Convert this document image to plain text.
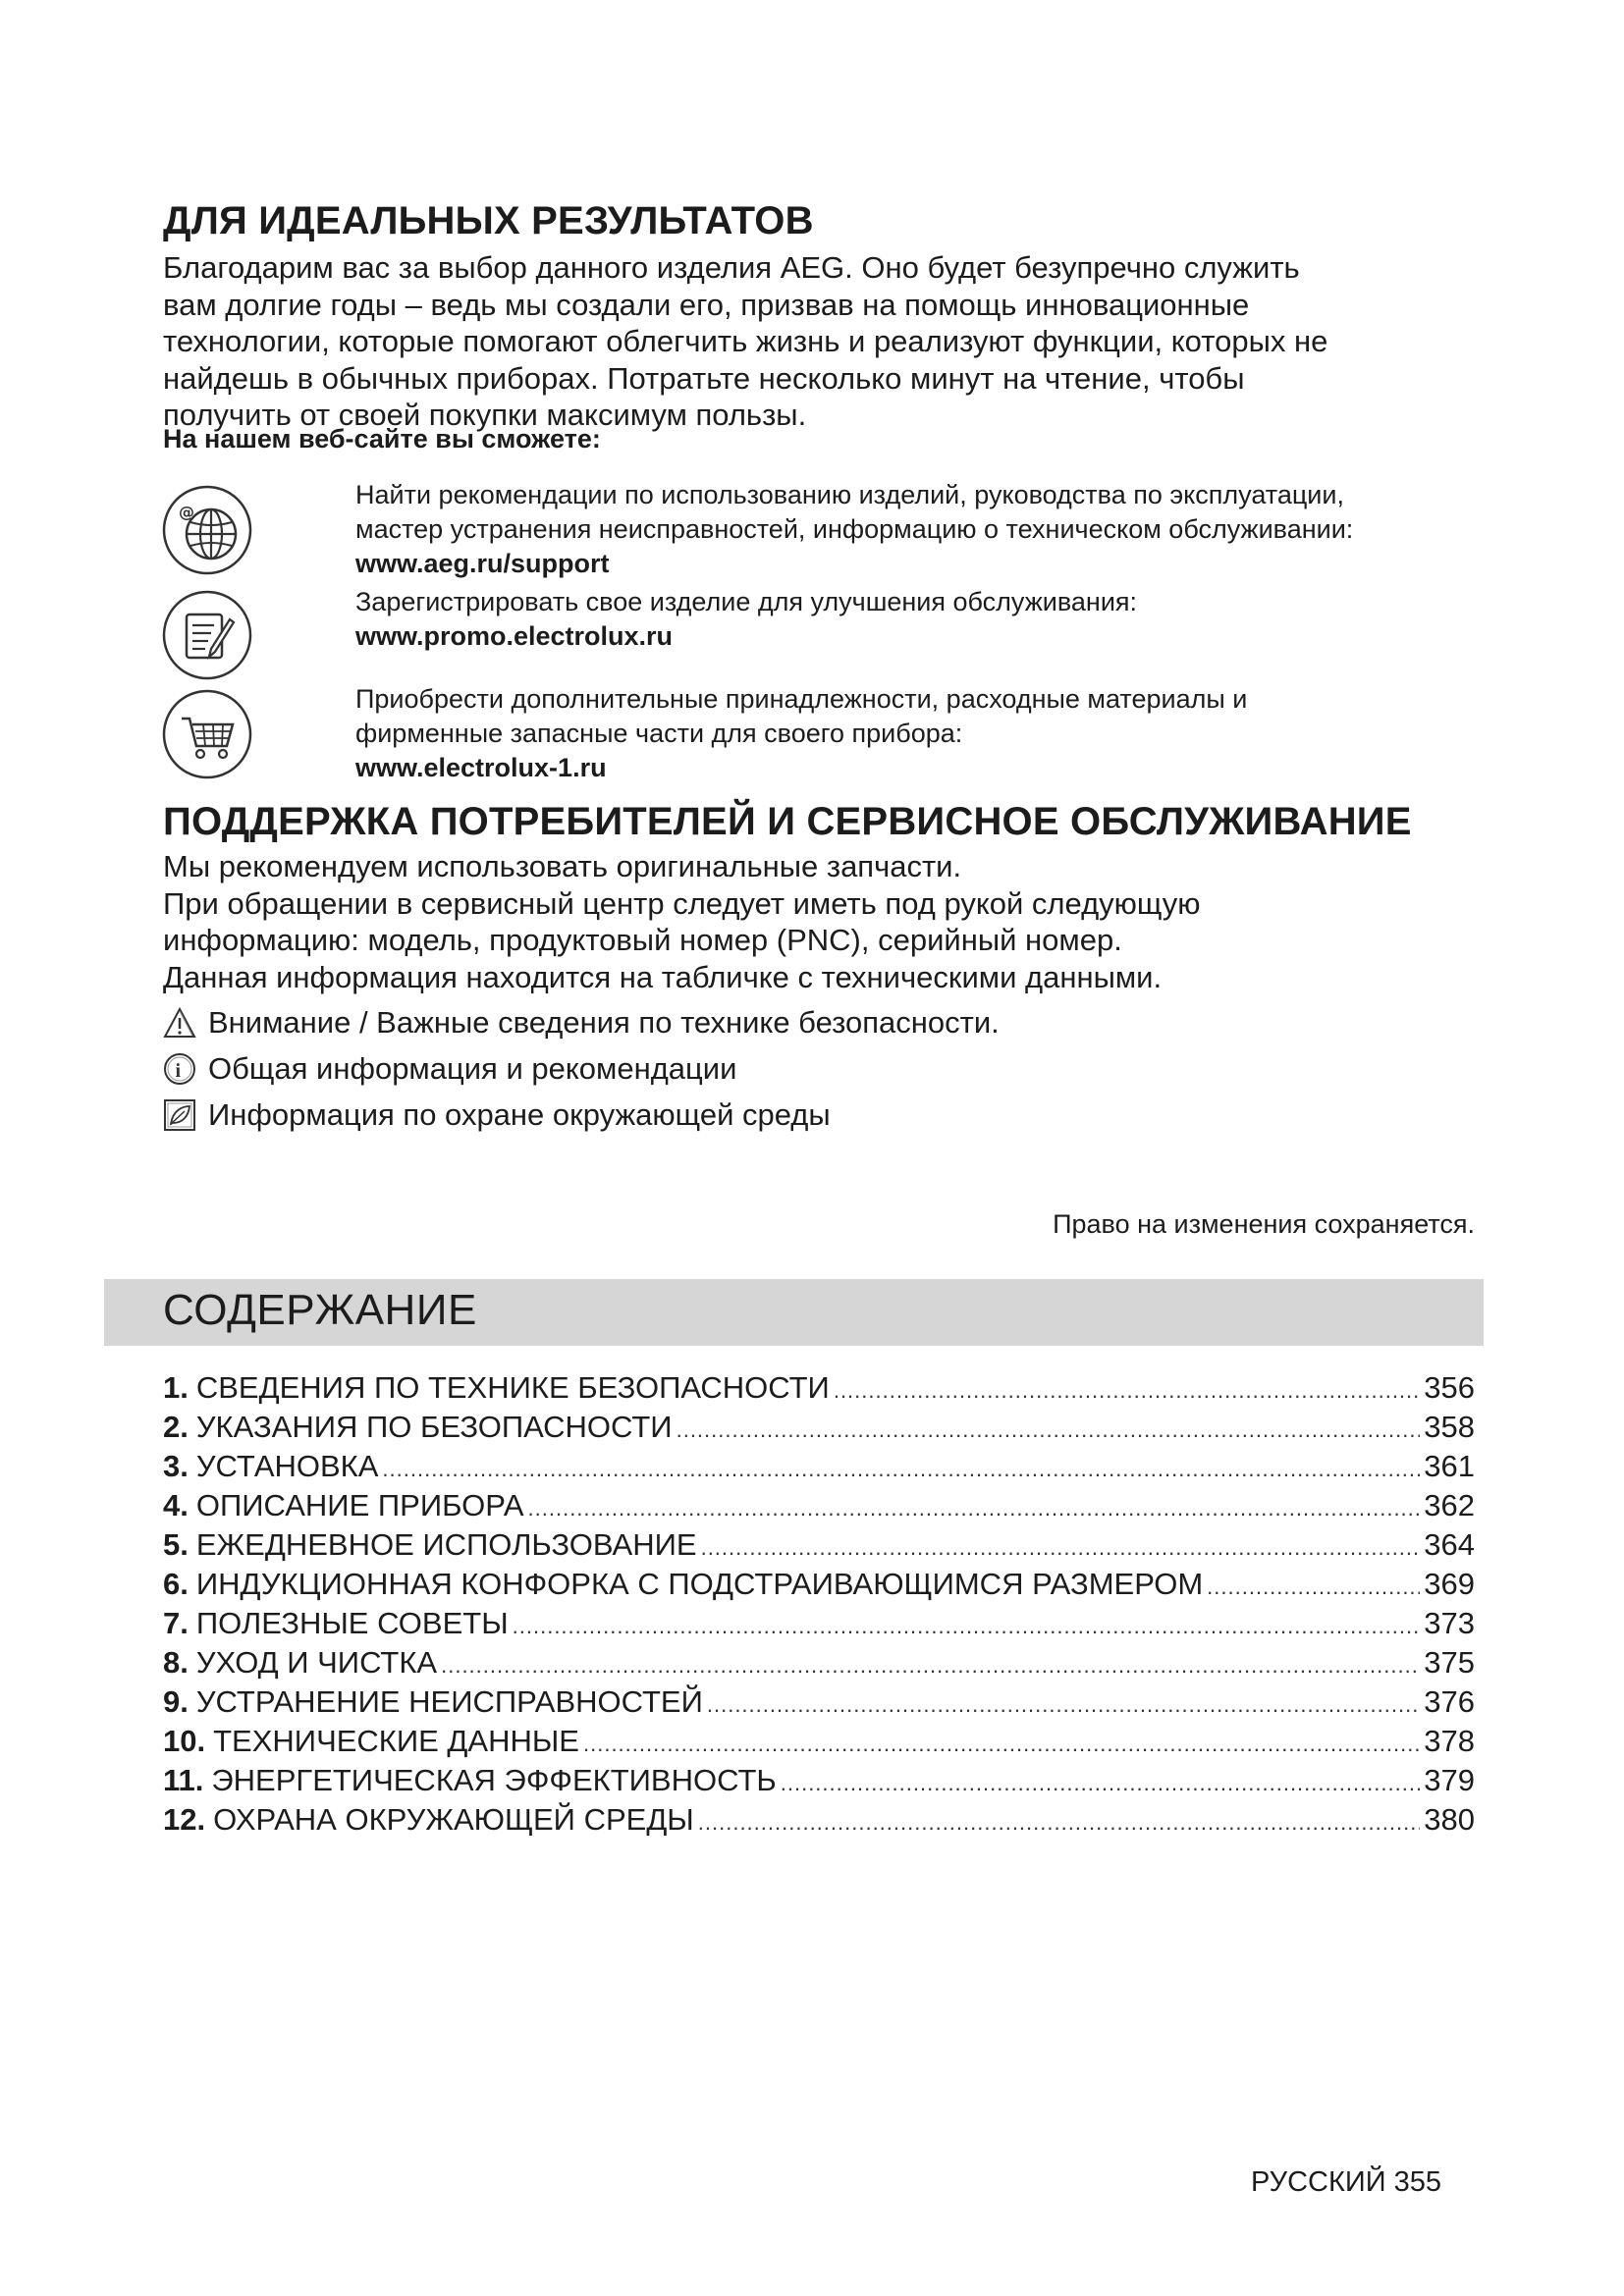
ДЛЯ ИДЕАЛЬНЫХ РЕЗУЛЬТАТОВ
Благодарим вас за выбор данного изделия AEG. Оно будет безупречно служить
вам долгие годы – ведь мы создали его, призвав на помощь инновационные
технологии, которые помогают облегчить жизнь и реализуют функции, которых не
найдешь в обычных приборах. Потратьте несколько минут на чтение, чтобы
получить от своей покупки максимум пользы.
На нашем веб-сайте вы сможете:
@
Найти рекомендации по использованию изделий, руководства по эксплуатации,
мастер устранения неисправностей, информацию о техническом обслуживании:
www.aeg.ru/support
Зарегистрировать свое изделие для улучшения обслуживания:
www.promo.electrolux.ru
Приобрести дополнительные принадлежности, расходные материалы и
фирменные запасные части для своего прибора:
www.electrolux-1.ru
ПОДДЕРЖКА ПОТРЕБИТЕЛЕЙ И СЕРВИСНОЕ ОБСЛУЖИВАНИЕ
Мы рекомендуем использовать оригинальные запчасти.
При обращении в сервисный центр следует иметь под рукой следующую
информацию: модель, продуктовый номер (PNC), серийный номер.
Данная информация находится на табличке с техническими данными.
Внимание / Важные сведения по технике безопасности.
i Общая информация и рекомендации
Информация по охране окружающей среды
Право на изменения сохраняется.
СОДЕРЖАНИЕ
1. СВЕДЕНИЯ ПО ТЕХНИКЕ БЕЗОПАСНОСТИ .....	356
2. УКАЗАНИЯ ПО БЕЗОПАСНОСТИ .....	358
3. УСТАНОВКА .....	361
4. ОПИСАНИЕ ПРИБОРА .....	362
5. ЕЖЕДНЕВНОЕ ИСПОЛЬЗОВАНИЕ .....	364
6. ИНДУКЦИОННАЯ КОНФОРКА С ПОДСТРАИВАЮЩИМСЯ РАЗМЕРОМ .....	369
7. ПОЛЕЗНЫЕ СОВЕТЫ .....	373
8. УХОД И ЧИСТКА .....	375
9. УСТРАНЕНИЕ НЕИСПРАВНОСТЕЙ .....	376
10. ТЕХНИЧЕСКИЕ ДАННЫЕ .....	378
11. ЭНЕРГЕТИЧЕСКАЯ ЭФФЕКТИВНОСТЬ .....	379
12. ОХРАНА ОКРУЖАЮЩЕЙ СРЕДЫ .....	380
РУССКИЙ 355
